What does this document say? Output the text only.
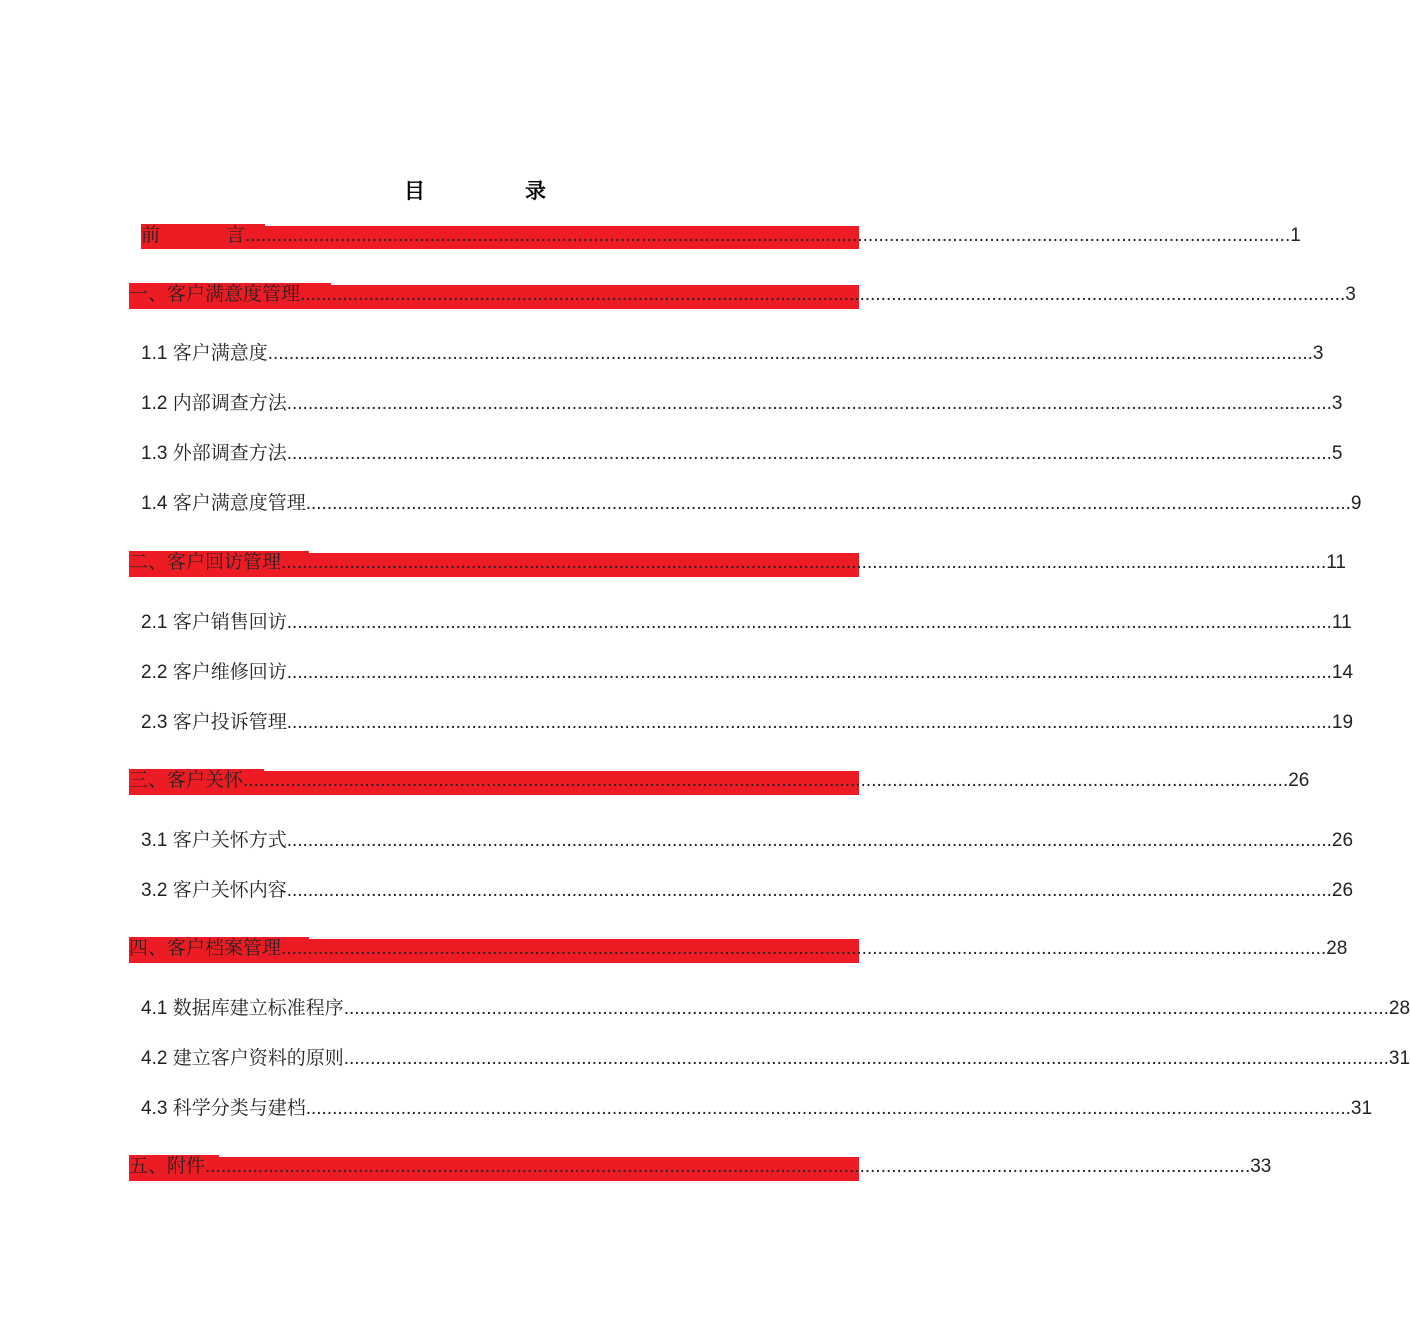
目	录
前	言 ...................................................................................................................................................................................................... 1
一、客户满意度管理 ...................................................................................................................................................................................................... 3
1.1 客户满意度 ...................................................................................................................................................................................................... 3
1.2 内部调查方法 ...................................................................................................................................................................................................... 3
1.3 外部调查方法 ...................................................................................................................................................................................................... 5
1.4 客户满意度管理 ...................................................................................................................................................................................................... 9
二、客户回访管理 ...................................................................................................................................................................................................... 11
2.1 客户销售回访 ...................................................................................................................................................................................................... 11
2.2 客户维修回访 ...................................................................................................................................................................................................... 14
2.3 客户投诉管理 ...................................................................................................................................................................................................... 19
三、客户关怀 ...................................................................................................................................................................................................... 26
3.1 客户关怀方式 ...................................................................................................................................................................................................... 26
3.2 客户关怀内容 ...................................................................................................................................................................................................... 26
四、客户档案管理 ...................................................................................................................................................................................................... 28
4.1 数据库建立标准程序 ...................................................................................................................................................................................................... 28
4.2 建立客户资料的原则 ...................................................................................................................................................................................................... 31
4.3 科学分类与建档 ...................................................................................................................................................................................................... 31
五、附件 ...................................................................................................................................................................................................... 33
